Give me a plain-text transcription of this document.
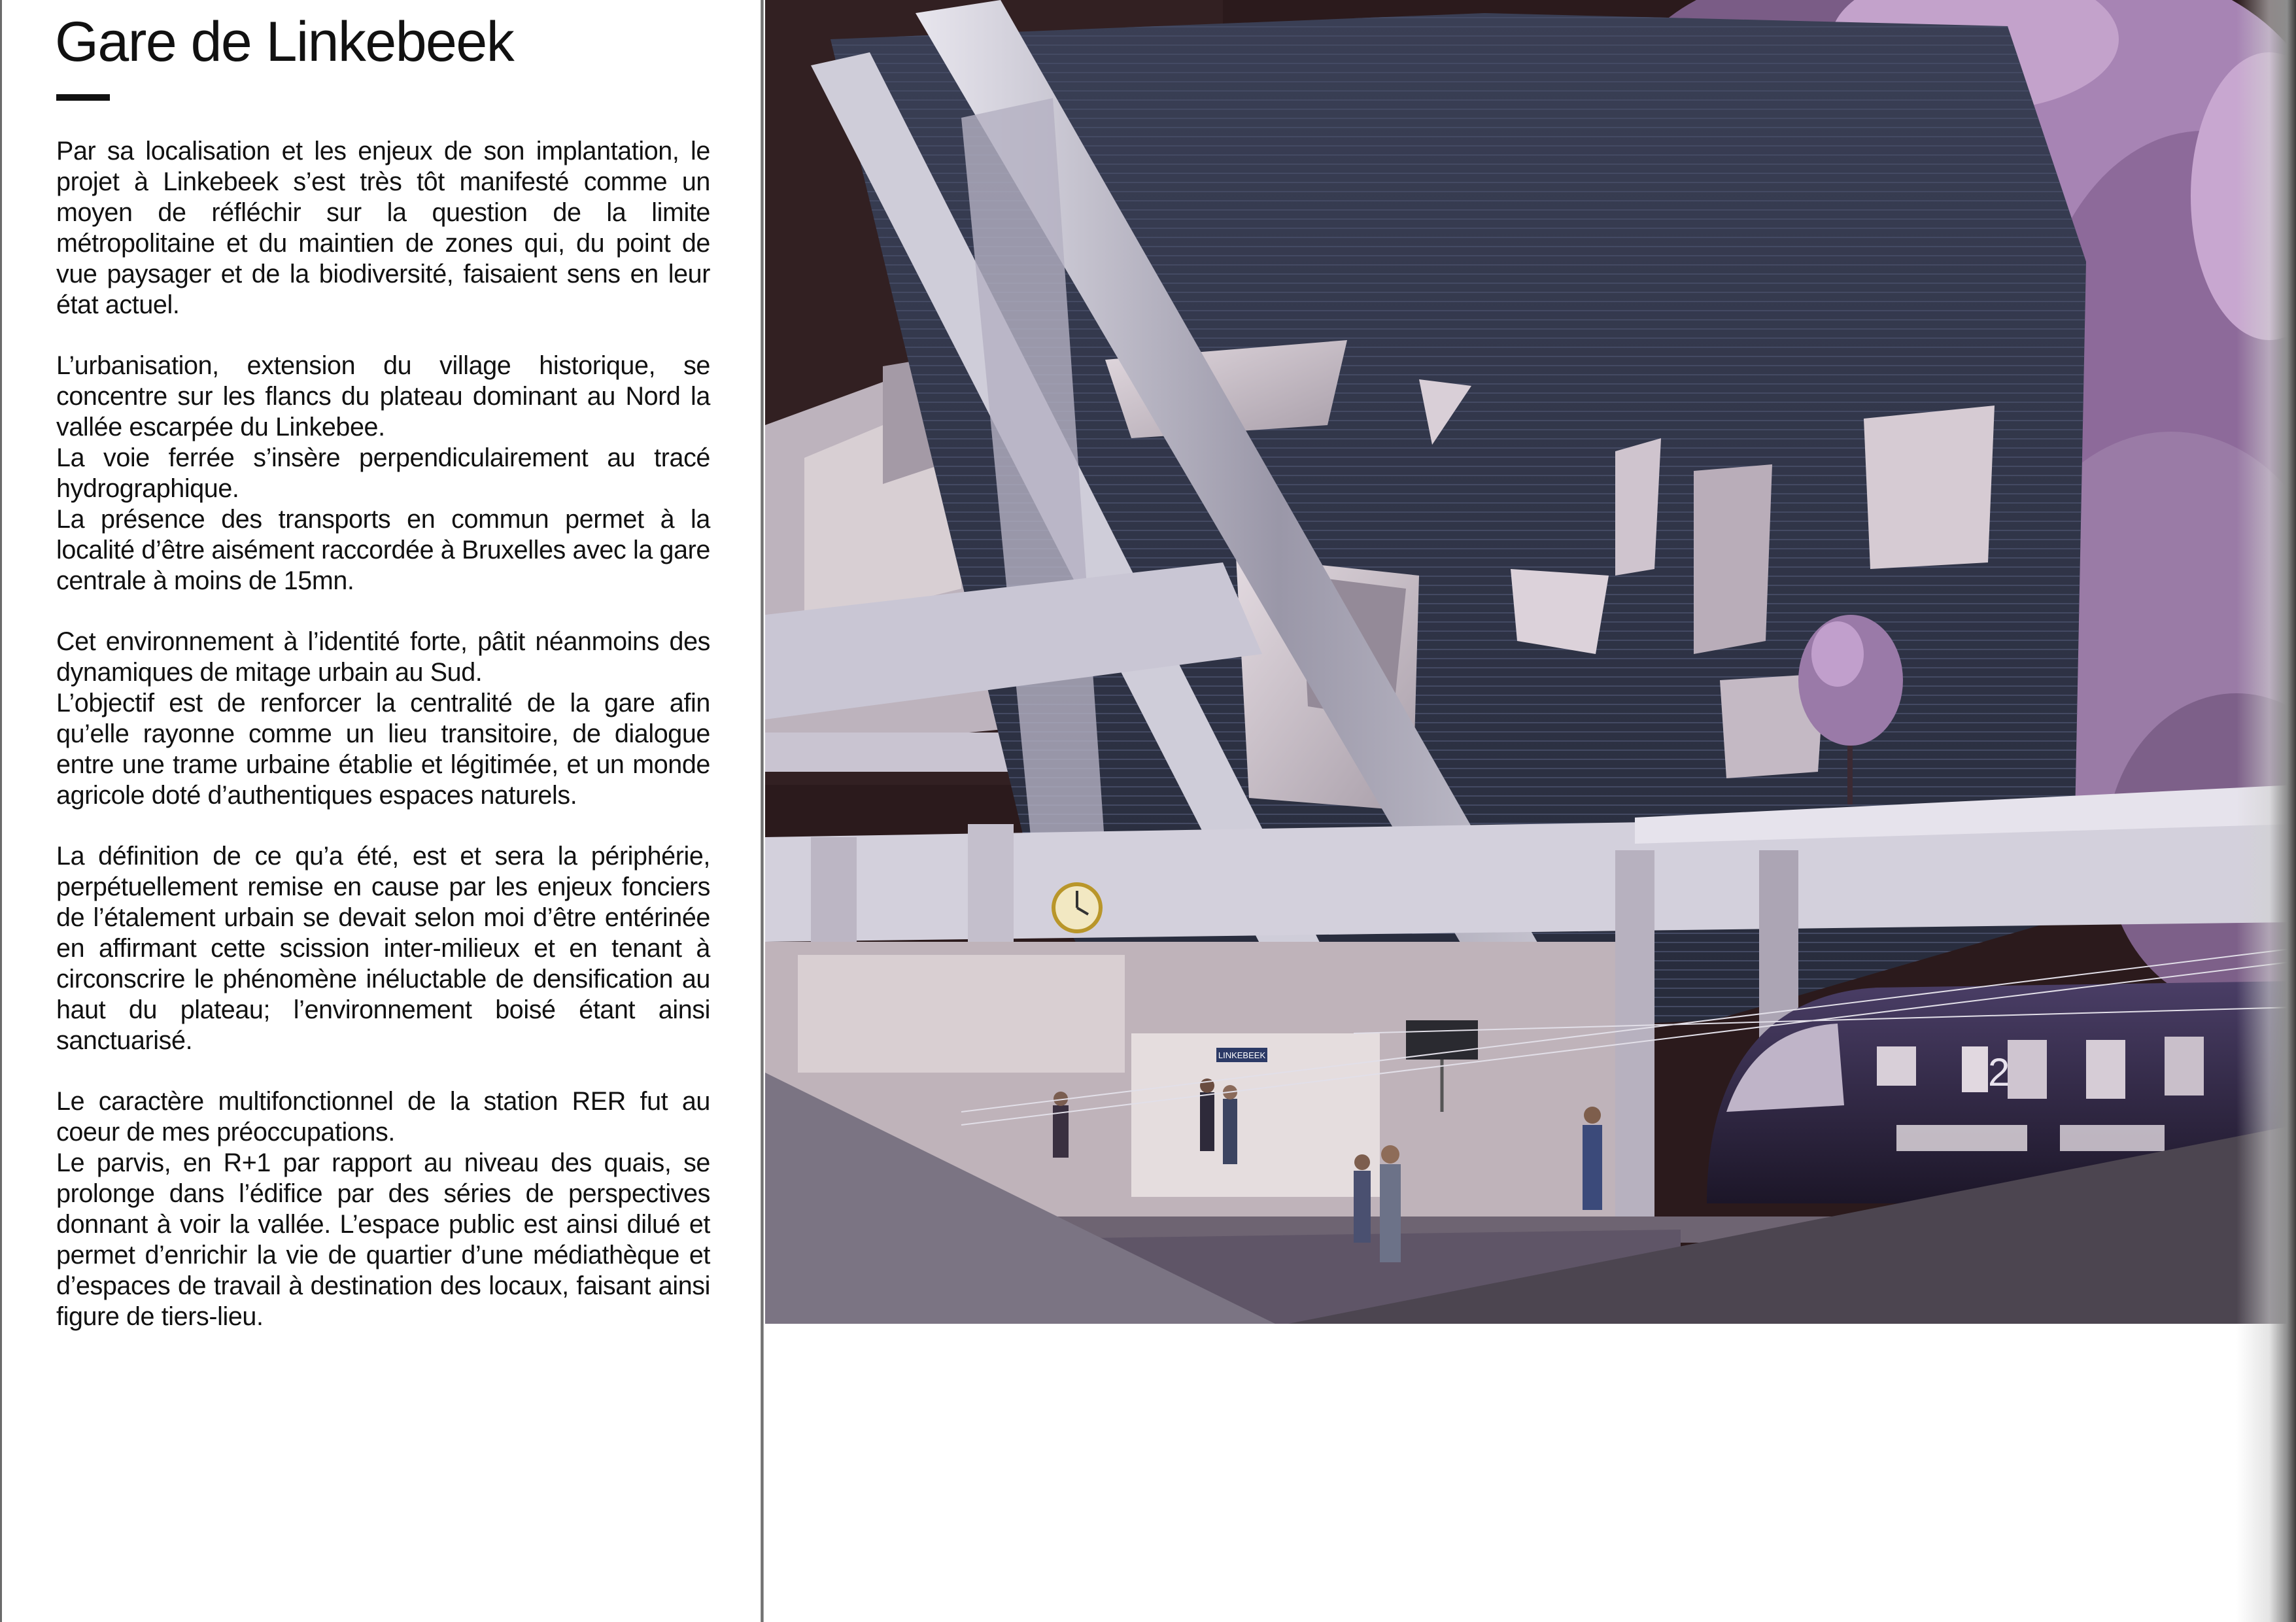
Gare de Linkebeek

Par sa localisation et les enjeux de son implantation, le projet à Linkebeek s’est très tôt manifesté comme un moyen de réfléchir sur la question de la limite métropolitaine et du maintien de zones qui, du point de vue paysager et de la biodiversité, faisaient sens en leur état actuel.

L’urbanisation, extension du village historique, se concentre sur les flancs du plateau dominant au Nord la vallée escarpée du Linkebee.
La voie ferrée s’insère perpendiculairement au tracé hydrographique.
La présence des transports en commun permet à la localité d’être aisément raccordée à Bruxelles avec la gare centrale à moins de 15mn.

Cet environnement à l’identité forte, pâtit néanmoins des dynamiques de mitage urbain au Sud.
L’objectif est de renforcer la centralité de la gare afin qu’elle rayonne comme un lieu transitoire, de dialogue entre une trame urbaine établie et légitimée, et un monde agricole doté d’authentiques espaces naturels.

La définition de ce qu’a été, est et sera la périphérie, perpétuellement remise en cause par les enjeux fonciers de l’étalement urbain se devait selon moi d’être entérinée en affirmant cette scission inter-milieux et en tenant à circonscrire le phénomène inéluctable de densification au haut du plateau; l’environnement boisé étant ainsi sanctuarisé.

Le caractère multifonctionnel de la station RER fut au coeur de mes préoccupations.
Le parvis, en R+1 par rapport au niveau des quais, se prolonge dans l’édifice par des séries de perspectives donnant à voir la vallée. L’espace public est ainsi dilué et permet d’enrichir la vie de quartier d’une médiathèque et d’espaces de travail à destination des locaux, faisant ainsi figure de tiers-lieu.

LINKEBEEK	2
